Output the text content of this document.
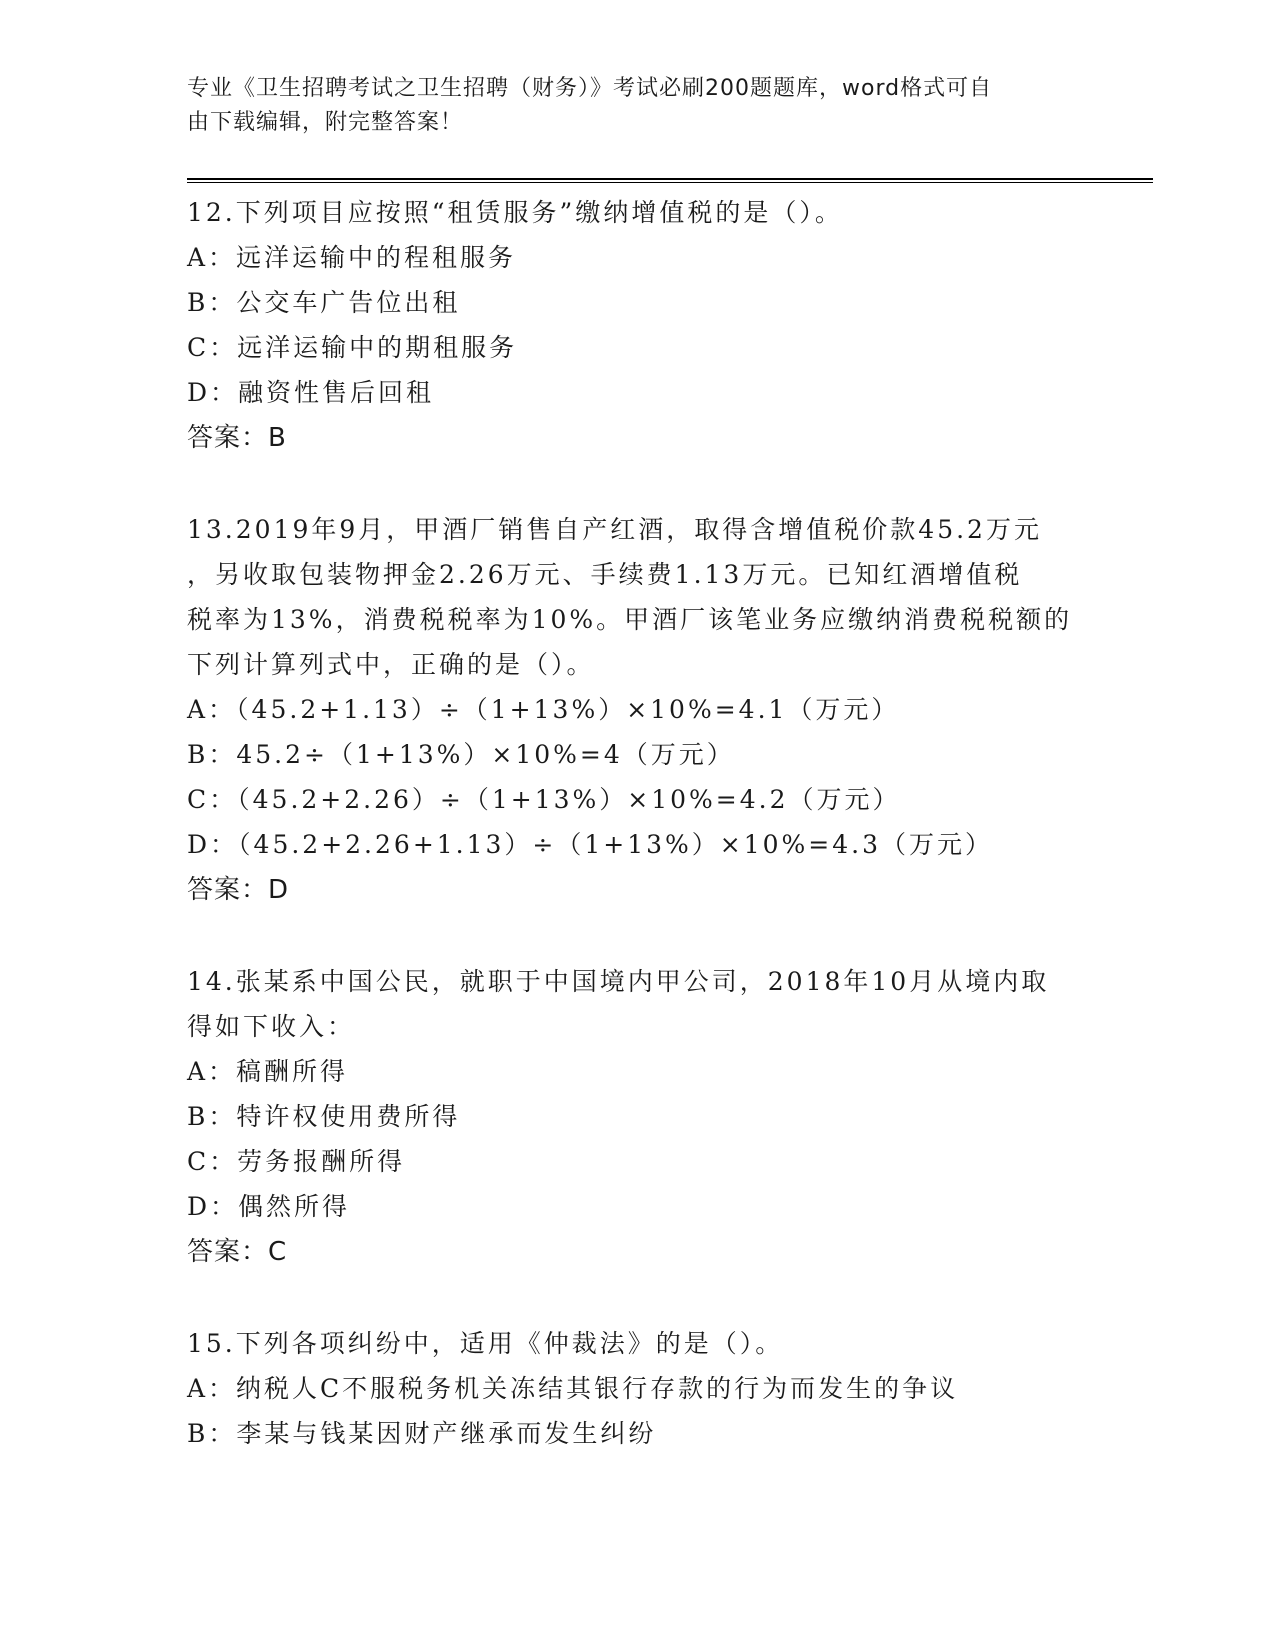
专业《卫生招聘考试之卫生招聘（财务）》考试必刷200题题库，word格式可自
由下载编辑，附完整答案！

12.下列项目应按照“租赁服务”缴纳增值税的是（）。

A：远洋运输中的程租服务

B：公交车广告位出租

C：远洋运输中的期租服务

D：融资性售后回租

答案：B

13.2019年9月，甲酒厂销售自产红酒，取得含增值税价款45.2万元
，另收取包装物押金2.26万元、手续费1.13万元。已知红酒增值税
税率为13%，消费税税率为10%。甲酒厂该笔业务应缴纳消费税税额的
下列计算列式中，正确的是（）。

A：（45.2+1.13）÷（1+13%）×10%=4.1（万元）

B：45.2÷（1+13%）×10%=4（万元）

C：（45.2+2.26）÷（1+13%）×10%=4.2（万元）

D：（45.2+2.26+1.13）÷（1+13%）×10%=4.3（万元）

答案：D

14.张某系中国公民，就职于中国境内甲公司，2018年10月从境内取
得如下收入：

A：稿酬所得

B：特许权使用费所得

C：劳务报酬所得

D：偶然所得

答案：C

15.下列各项纠纷中，适用《仲裁法》的是（）。

A：纳税人C不服税务机关冻结其银行存款的行为而发生的争议

B：李某与钱某因财产继承而发生纠纷
